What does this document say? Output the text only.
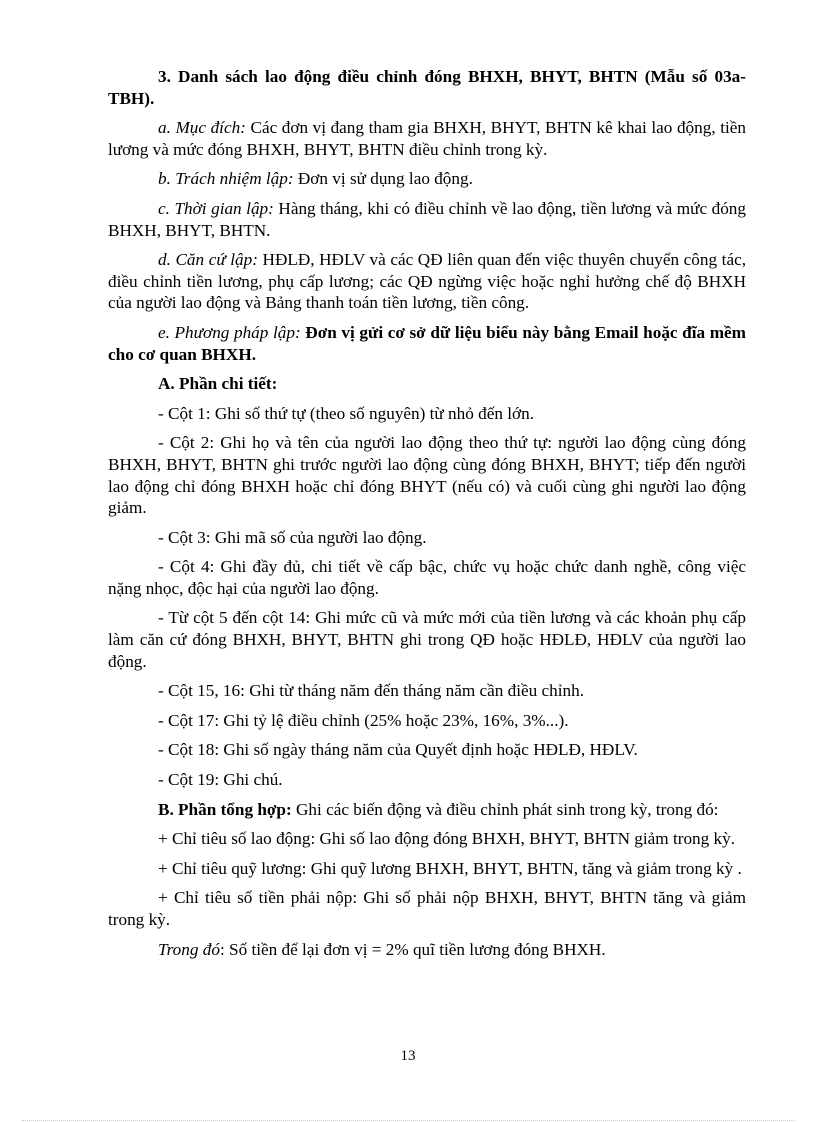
3. Danh sách lao động điều chỉnh đóng BHXH, BHYT, BHTN (Mẫu số 03a-TBH).

a. Mục đích: Các đơn vị đang tham gia BHXH, BHYT, BHTN kê khai lao động, tiền lương và mức đóng BHXH, BHYT, BHTN điều chỉnh trong kỳ.

b. Trách nhiệm lập: Đơn vị sử dụng lao động.

c. Thời gian lập: Hàng tháng, khi có điều chỉnh về lao động, tiền lương và mức đóng BHXH, BHYT, BHTN.

d. Căn cứ lập: HĐLĐ, HĐLV và các QĐ liên quan đến việc thuyên chuyển công tác, điều chỉnh tiền lương, phụ cấp lương; các QĐ ngừng việc hoặc nghỉ hưởng chế độ BHXH của người lao động và Bảng thanh toán tiền lương, tiền công.

e. Phương pháp lập: Đơn vị gửi cơ sở dữ liệu biểu này bằng Email hoặc đĩa mềm cho cơ quan BHXH.

A. Phần chi tiết:

- Cột 1: Ghi số thứ tự (theo số nguyên) từ nhỏ đến lớn.

- Cột 2: Ghi họ và tên của người lao động theo thứ tự: người lao động cùng đóng BHXH, BHYT, BHTN ghi trước người lao động cùng đóng BHXH, BHYT; tiếp đến người lao động chỉ đóng BHXH hoặc chỉ đóng BHYT (nếu có) và cuối cùng ghi người lao động giảm.

- Cột 3: Ghi mã số của người lao động.

- Cột 4: Ghi đầy đủ, chi tiết về cấp bậc, chức vụ hoặc chức danh nghề, công việc nặng nhọc, độc hại của người lao động.

- Từ cột 5 đến cột 14: Ghi mức cũ và mức mới của tiền lương và các khoản phụ cấp làm căn cứ đóng BHXH, BHYT, BHTN ghi trong QĐ hoặc HĐLĐ, HĐLV của người lao động.

- Cột 15, 16: Ghi từ tháng năm đến tháng năm cần điều chỉnh.

- Cột 17: Ghi tỷ lệ điều chỉnh (25% hoặc 23%, 16%, 3%...).

- Cột 18: Ghi số ngày tháng năm của Quyết định hoặc HĐLĐ, HĐLV.

- Cột 19: Ghi chú.

B. Phần tổng hợp: Ghi các biến động và điều chỉnh phát sinh trong kỳ, trong đó:

+ Chỉ tiêu số lao động: Ghi số lao động đóng BHXH, BHYT, BHTN giảm trong kỳ.

+ Chỉ tiêu quỹ lương: Ghi quỹ lương BHXH, BHYT, BHTN, tăng và giảm trong kỳ .

+ Chỉ tiêu số tiền phải nộp: Ghi số phải nộp BHXH, BHYT, BHTN tăng và giảm trong kỳ.

Trong đó: Số tiền để lại đơn vị = 2% quĩ tiền lương đóng BHXH.

13
